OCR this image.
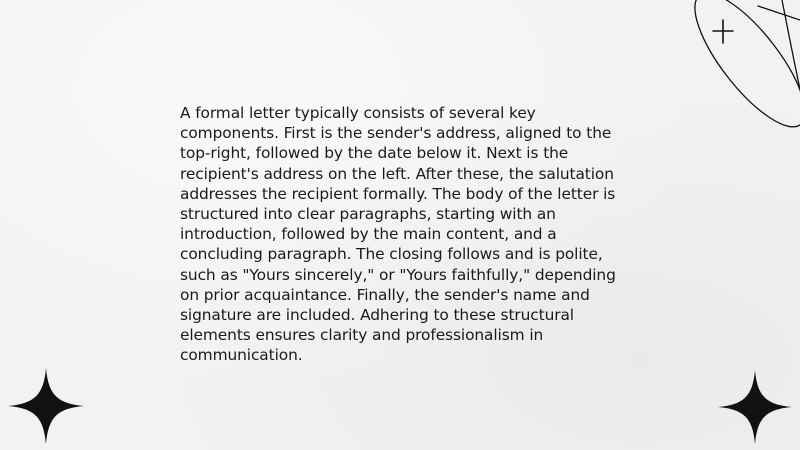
A formal letter typically consists of several key components. First is the sender's address, aligned to the top-right, followed by the date below it. Next is the recipient's address on the left. After these, the salutation addresses the recipient formally. The body of the letter is structured into clear paragraphs, starting with an introduction, followed by the main content, and a concluding paragraph. The closing follows and is polite, such as "Yours sincerely," or "Yours faithfully," depending on prior acquaintance. Finally, the sender's name and signature are included. Adhering to these structural elements ensures clarity and professionalism in communication.
